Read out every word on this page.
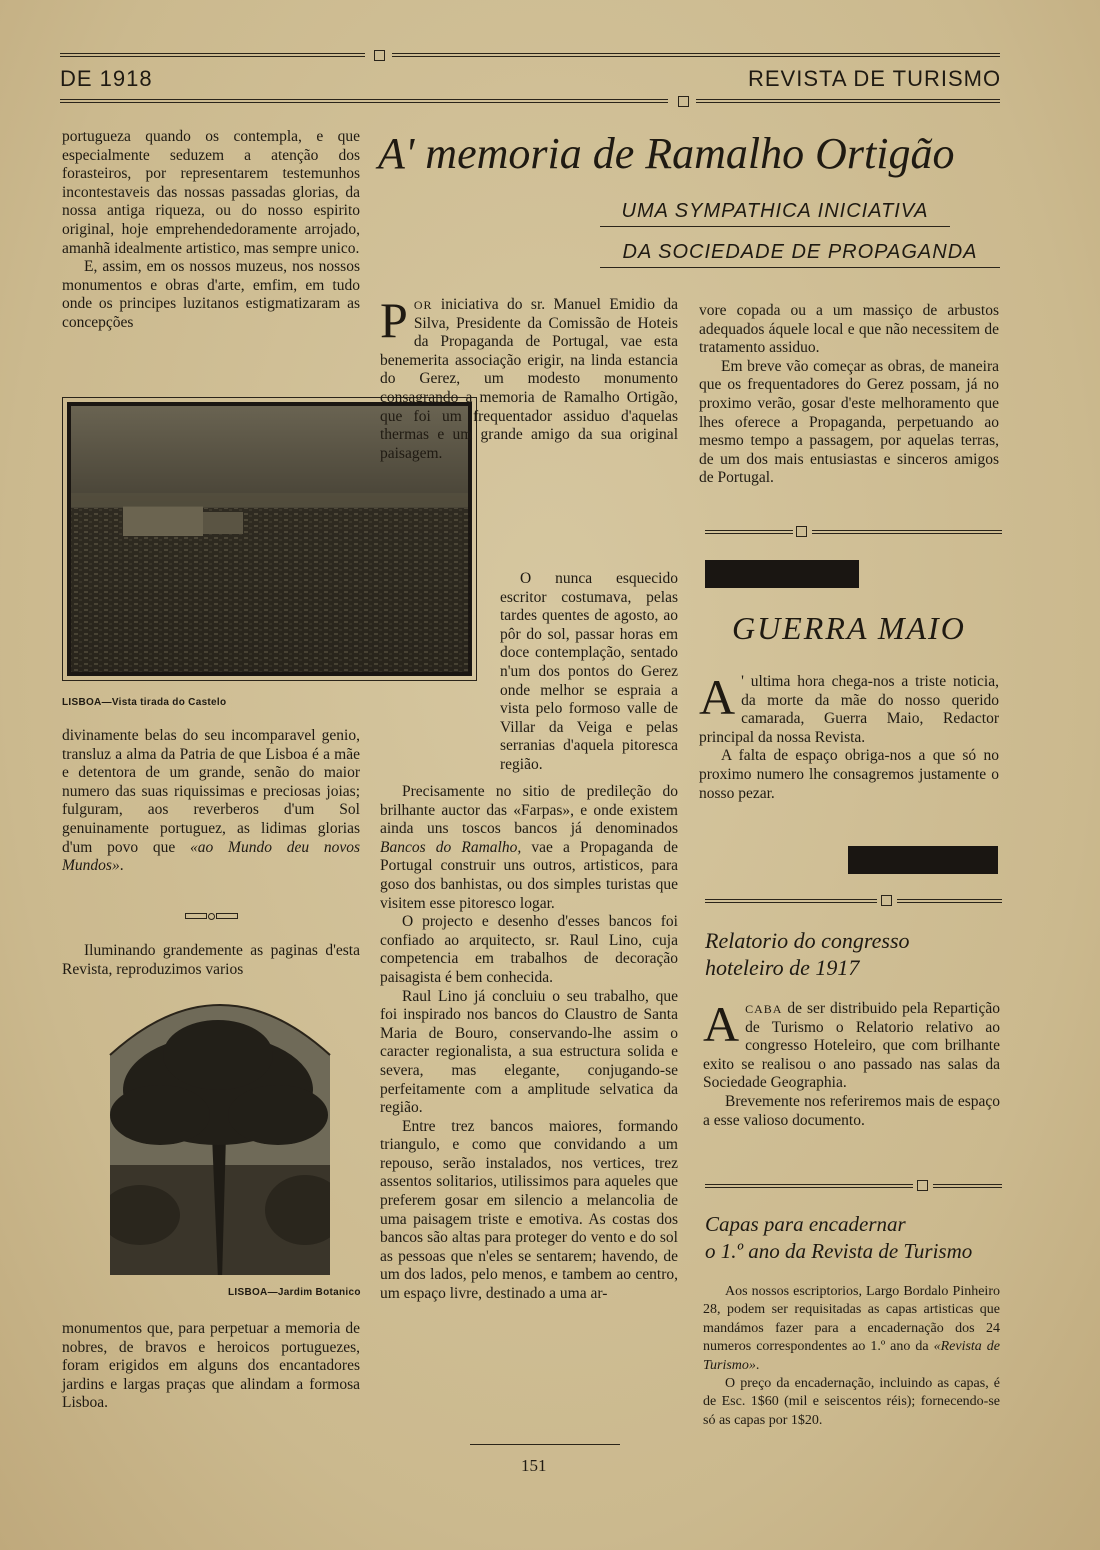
DE 1918	REVISTA DE TURISMO

portugueza quando os contempla, e que especialmente seduzem a atenção dos forasteiros, por representarem testemunhos incontestaveis das nossas passadas glorias, da nossa antiga riqueza, ou do nosso espirito original, hoje emprehendedoramente arrojado, amanhã idealmente artistico, mas sempre unico.

E, assim, em os nossos muzeus, nos nossos monumentos e obras d'arte, emfim, em tudo onde os principes luzitanos estigmatizaram as concepções

LISBOA—Vista tirada do Castelo

divinamente belas do seu incomparavel genio, transluz a alma da Patria de que Lisboa é a mãe e detentora de um grande, senão do maior numero das suas riquissimas e preciosas joias; fulguram, aos reverberos d'um Sol genuinamente portuguez, as lidimas glorias d'um povo que «ao Mundo deu novos Mundos».

Iluminando grandemente as paginas d'esta Revista, reproduzimos varios

LISBOA—Jardim Botanico

monumentos que, para perpetuar a memoria de nobres, de bravos e heroicos portuguezes, foram erigidos em alguns dos encantadores jardins e largas praças que alindam a formosa Lisboa.

A' memoria de Ramalho Ortigão
UMA SYMPATHICA INICIATIVA
DA SOCIEDADE DE PROPAGANDA

POR iniciativa do sr. Manuel Emidio da Silva, Presidente da Comissão de Hoteis da Propaganda de Portugal, vae esta benemerita associação erigir, na linda estancia do Gerez, um modesto monumento consagrando a memoria de Ramalho Ortigão, que foi um frequentador assiduo d'aquelas thermas e um grande amigo da sua original paisagem.

O nunca esquecido escritor costumava, pelas tardes quentes de agosto, ao pôr do sol, passar horas em doce contemplação, sentado n'um dos pontos do Gerez onde melhor se espraia a vista pelo formoso valle de Villar da Veiga e pelas serranias d'aquela pitoresca região.

Precisamente no sitio de predileção do brilhante auctor das «Farpas», e onde existem ainda uns toscos bancos já denominados Bancos do Ramalho, vae a Propaganda de Portugal construir uns outros, artisticos, para goso dos banhistas, ou dos simples turistas que visitem esse pitoresco logar.

O projecto e desenho d'esses bancos foi confiado ao arquitecto, sr. Raul Lino, cuja competencia em trabalhos de decoração paisagista é bem conhecida.

Raul Lino já concluiu o seu trabalho, que foi inspirado nos bancos do Claustro de Santa Maria de Bouro, conservando-lhe assim o caracter regionalista, a sua estructura solida e severa, mas elegante, conjugando-se perfeitamente com a amplitude selvatica da região.

Entre trez bancos maiores, formando triangulo, e como que convidando a um repouso, serão instalados, nos vertices, trez assentos solitarios, utilissimos para aqueles que preferem gosar em silencio a melancolia de uma paisagem triste e emotiva. As costas dos bancos são altas para proteger do vento e do sol as pessoas que n'eles se sentarem; havendo, de um dos lados, pelo menos, e tambem ao centro, um espaço livre, destinado a uma ar-

vore copada ou a um massiço de arbustos adequados áquele local e que não necessitem de tratamento assiduo.

Em breve vão começar as obras, de maneira que os frequentadores do Gerez possam, já no proximo verão, gosar d'este melhoramento que lhes oferece a Propaganda, perpetuando ao mesmo tempo a passagem, por aquelas terras, de um dos mais entusiastas e sinceros amigos de Portugal.

GUERRA MAIO

A ' ultima hora chega-nos a triste noticia, da morte da mãe do nosso querido camarada, Guerra Maio, Redactor principal da nossa Revista.

A falta de espaço obriga-nos a que só no proximo numero lhe consagremos justamente o nosso pezar.

Relatorio do congresso
hoteleiro de 1917

ACABA de ser distribuido pela Repartição de Turismo o Relatorio relativo ao congresso Hoteleiro, que com brilhante exito se realisou o ano passado nas salas da Sociedade Geographia.

Brevemente nos referiremos mais de espaço a esse valioso documento.

Capas para encadernar
o 1.º ano da Revista de Turismo

Aos nossos escriptorios, Largo Bordalo Pinheiro 28, podem ser requisitadas as capas artisticas que mandámos fazer para a encadernação dos 24 numeros correspondentes ao 1.º ano da «Revista de Turismo».

O preço da encadernação, incluindo as capas, é de Esc. 1$60 (mil e seiscentos réis); fornecendo-se só as capas por 1$20.

151
